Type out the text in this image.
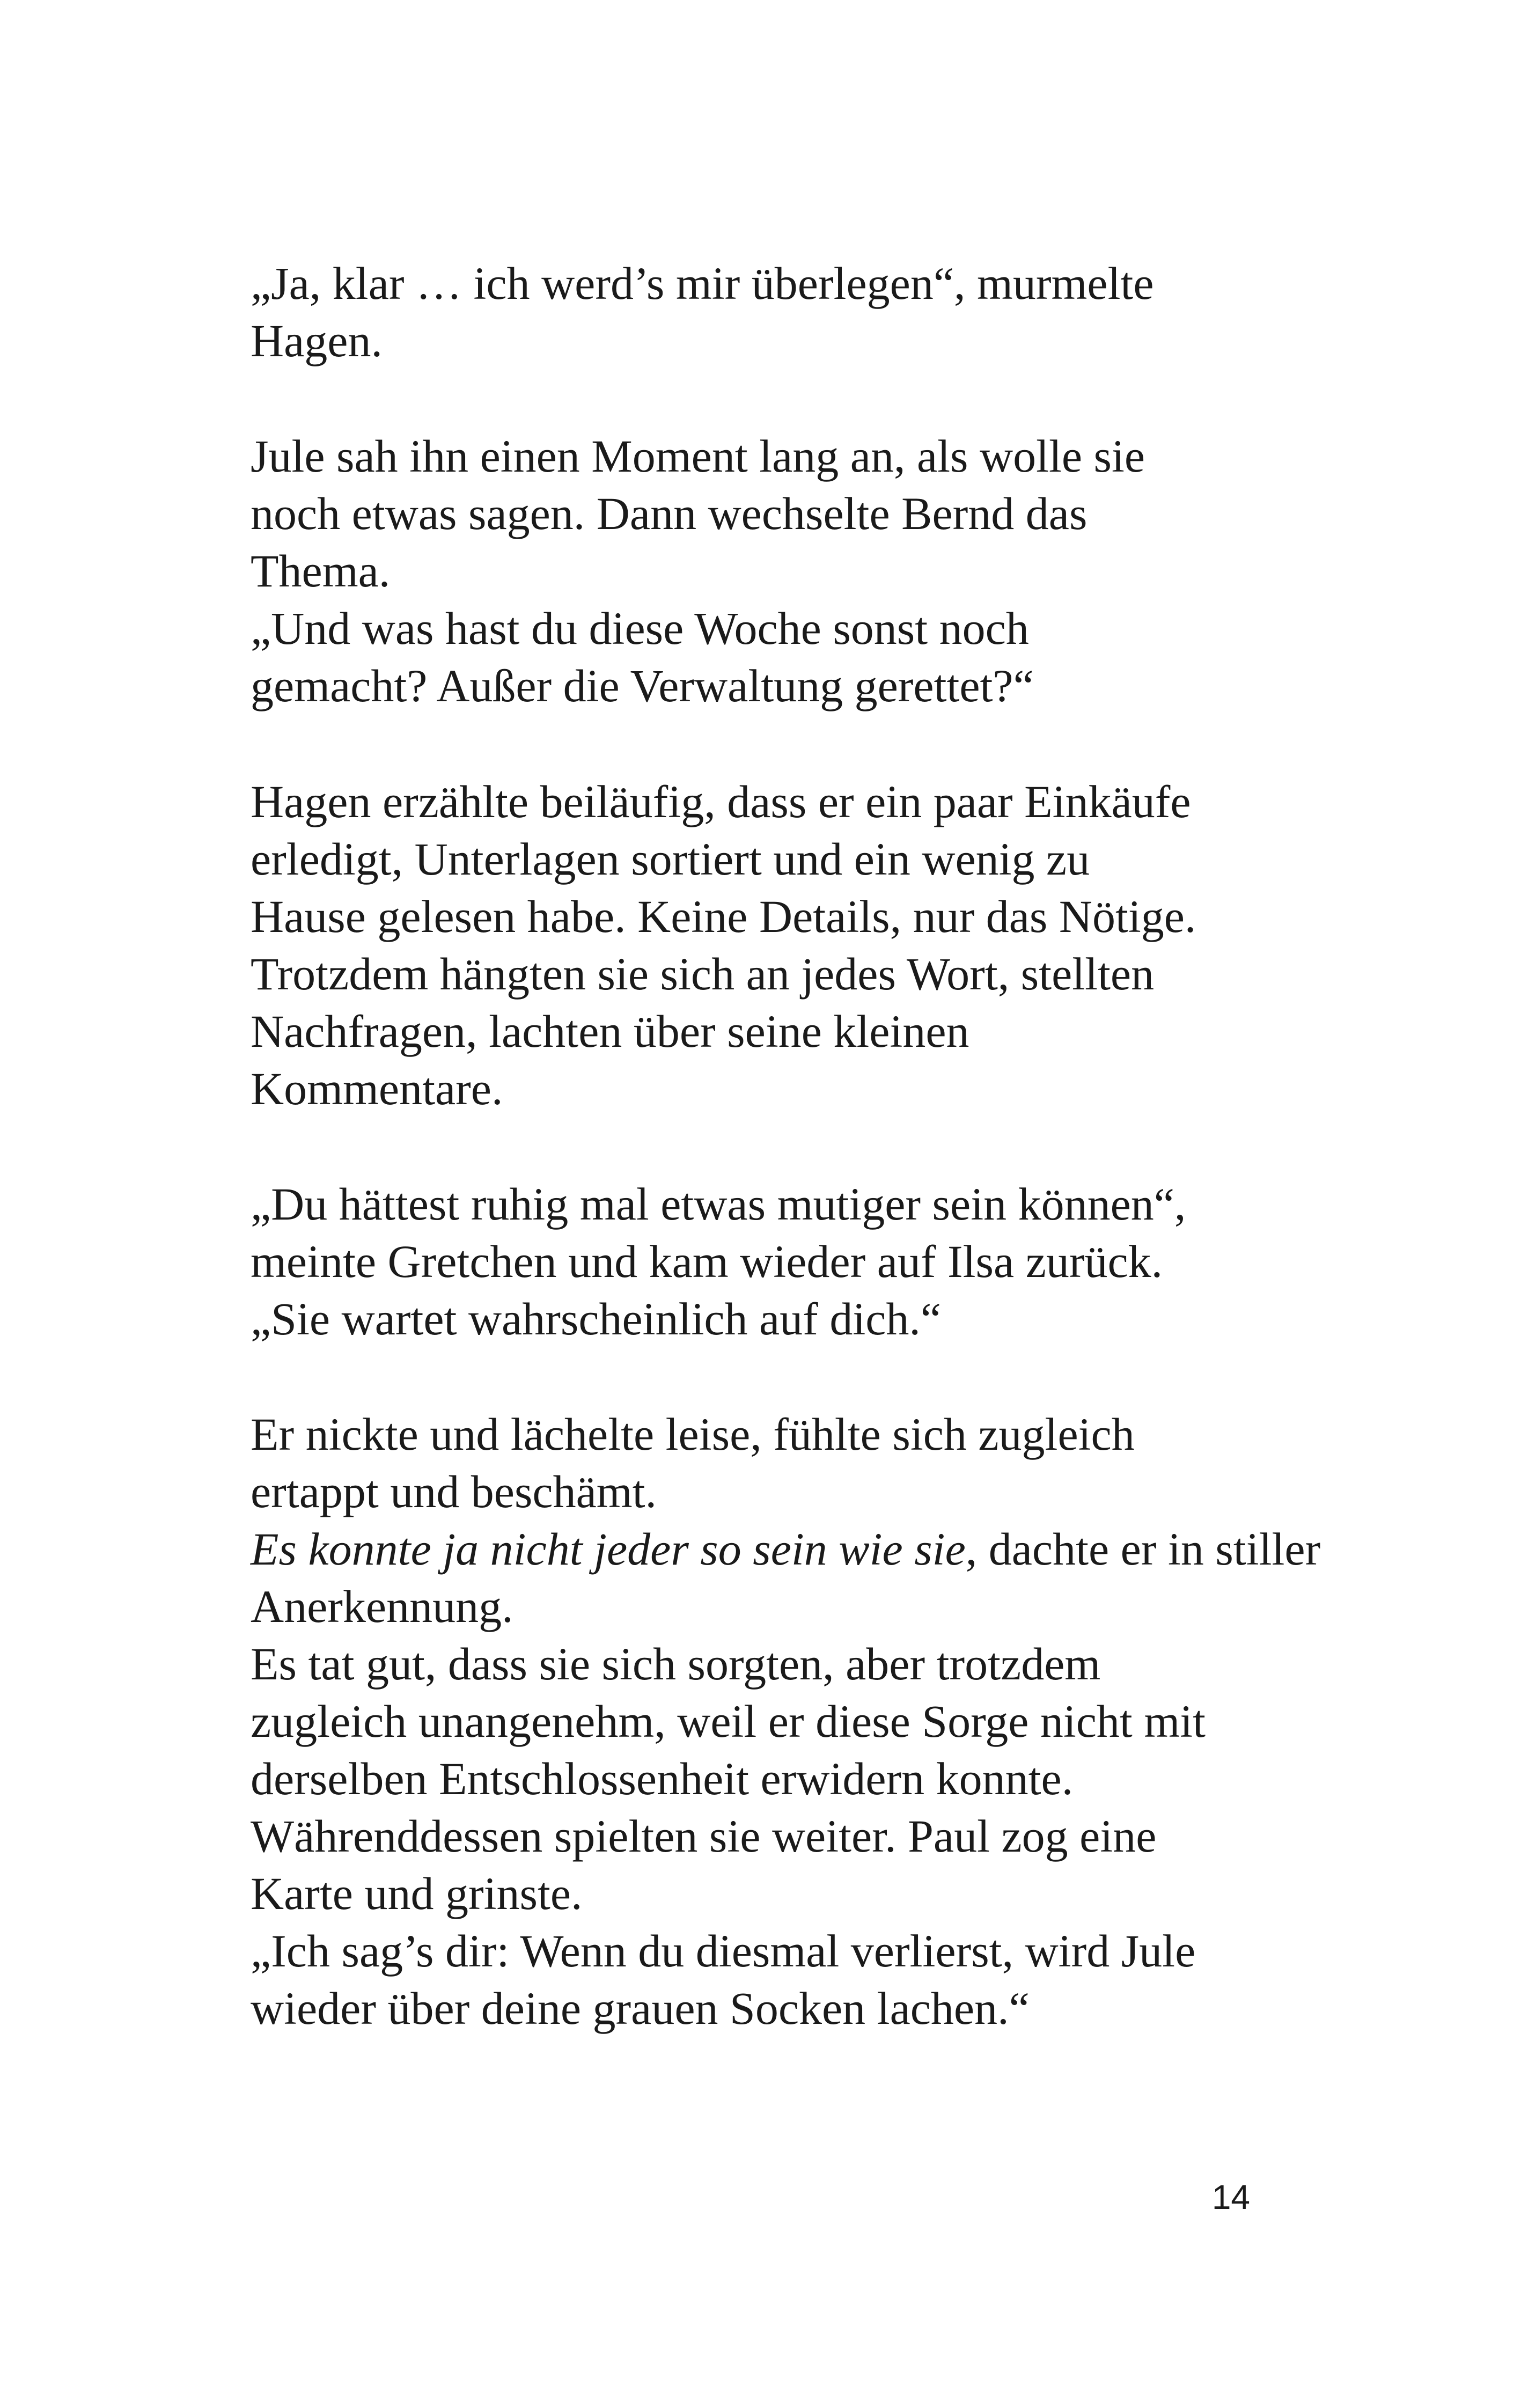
„Ja, klar … ich werd’s mir überlegen“, murmelte
Hagen.
Jule sah ihn einen Moment lang an, als wolle sie
noch etwas sagen. Dann wechselte Bernd das
Thema.
„Und was hast du diese Woche sonst noch
gemacht? Außer die Verwaltung gerettet?“
Hagen erzählte beiläufig, dass er ein paar Einkäufe
erledigt, Unterlagen sortiert und ein wenig zu
Hause gelesen habe. Keine Details, nur das Nötige.
Trotzdem hängten sie sich an jedes Wort, stellten
Nachfragen, lachten über seine kleinen
Kommentare.
„Du hättest ruhig mal etwas mutiger sein können“,
meinte Gretchen und kam wieder auf Ilsa zurück.
„Sie wartet wahrscheinlich auf dich.“
Er nickte und lächelte leise, fühlte sich zugleich
ertappt und beschämt.
Es konnte ja nicht jeder so sein wie sie, dachte er in stiller
Anerkennung.
Es tat gut, dass sie sich sorgten, aber trotzdem
zugleich unangenehm, weil er diese Sorge nicht mit
derselben Entschlossenheit erwidern konnte.
Währenddessen spielten sie weiter. Paul zog eine
Karte und grinste.
„Ich sag’s dir: Wenn du diesmal verlierst, wird Jule
wieder über deine grauen Socken lachen.“
14
